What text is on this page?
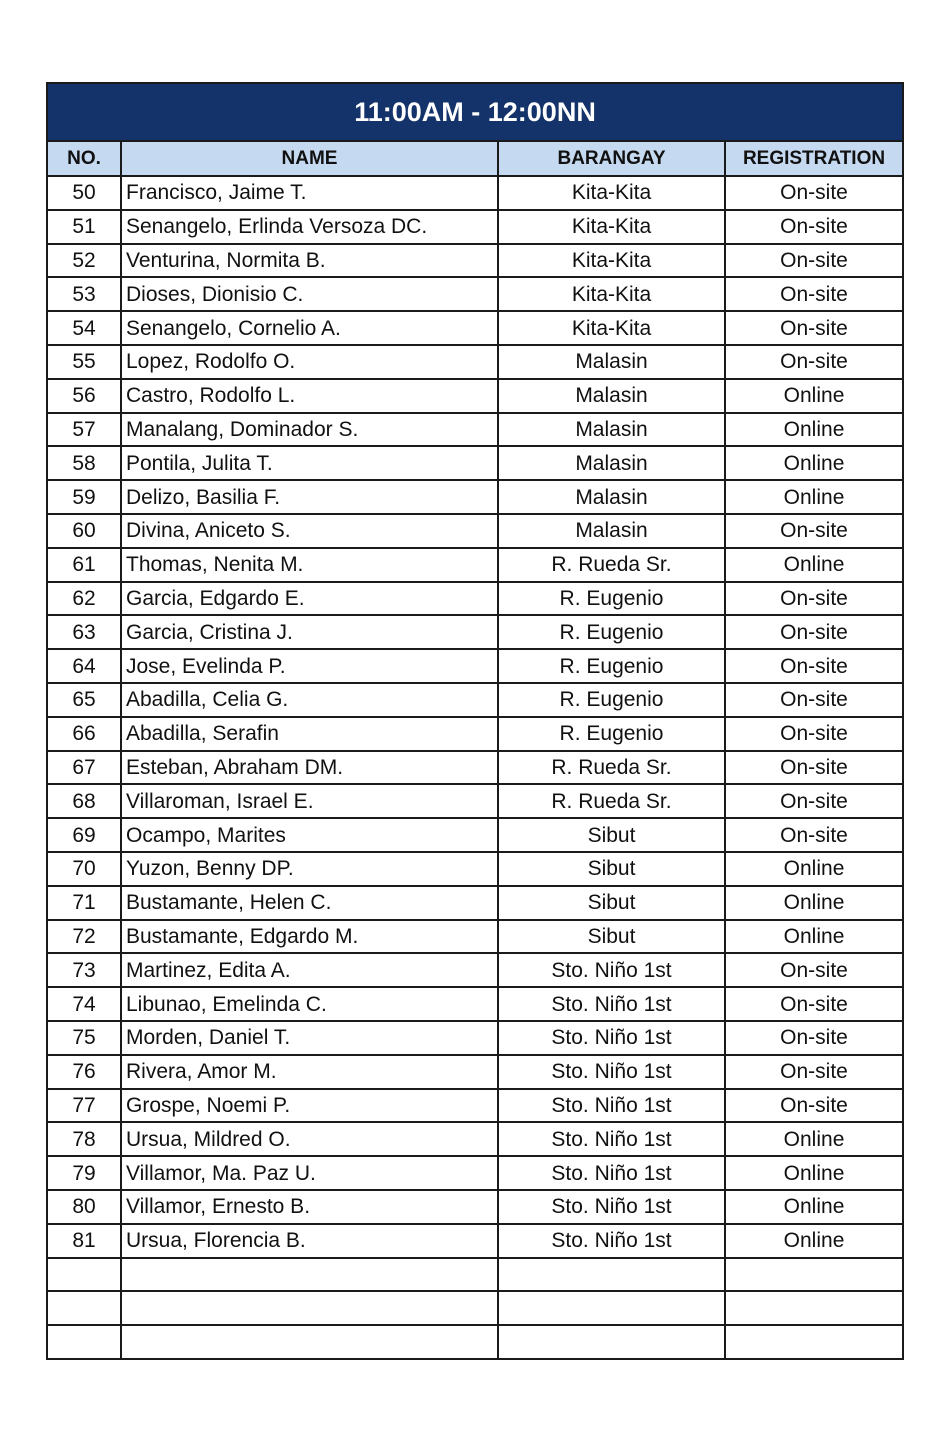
11:00AM - 12:00NN			
NO.	NAME	BARANGAY	REGISTRATION
50	Francisco, Jaime T.	Kita-Kita	On-site
51	Senangelo, Erlinda Versoza DC.	Kita-Kita	On-site
52	Venturina, Normita B.	Kita-Kita	On-site
53	Dioses, Dionisio C.	Kita-Kita	On-site
54	Senangelo, Cornelio A.	Kita-Kita	On-site
55	Lopez, Rodolfo O.	Malasin	On-site
56	Castro, Rodolfo L.	Malasin	Online
57	Manalang, Dominador S.	Malasin	Online
58	Pontila, Julita T.	Malasin	Online
59	Delizo, Basilia F.	Malasin	Online
60	Divina, Aniceto S.	Malasin	On-site
61	Thomas, Nenita M.	R. Rueda Sr.	Online
62	Garcia, Edgardo E.	R. Eugenio	On-site
63	Garcia, Cristina J.	R. Eugenio	On-site
64	Jose, Evelinda P.	R. Eugenio	On-site
65	Abadilla, Celia G.	R. Eugenio	On-site
66	Abadilla, Serafin	R. Eugenio	On-site
67	Esteban, Abraham DM.	R. Rueda Sr.	On-site
68	Villaroman, Israel E.	R. Rueda Sr.	On-site
69	Ocampo, Marites	Sibut	On-site
70	Yuzon, Benny DP.	Sibut	Online
71	Bustamante, Helen C.	Sibut	Online
72	Bustamante, Edgardo M.	Sibut	Online
73	Martinez, Edita A.	Sto. Niño 1st	On-site
74	Libunao, Emelinda C.	Sto. Niño 1st	On-site
75	Morden, Daniel T.	Sto. Niño 1st	On-site
76	Rivera, Amor M.	Sto. Niño 1st	On-site
77	Grospe, Noemi P.	Sto. Niño 1st	On-site
78	Ursua, Mildred O.	Sto. Niño 1st	Online
79	Villamor, Ma. Paz U.	Sto. Niño 1st	Online
80	Villamor, Ernesto B.	Sto. Niño 1st	Online
81	Ursua, Florencia B.	Sto. Niño 1st	Online
